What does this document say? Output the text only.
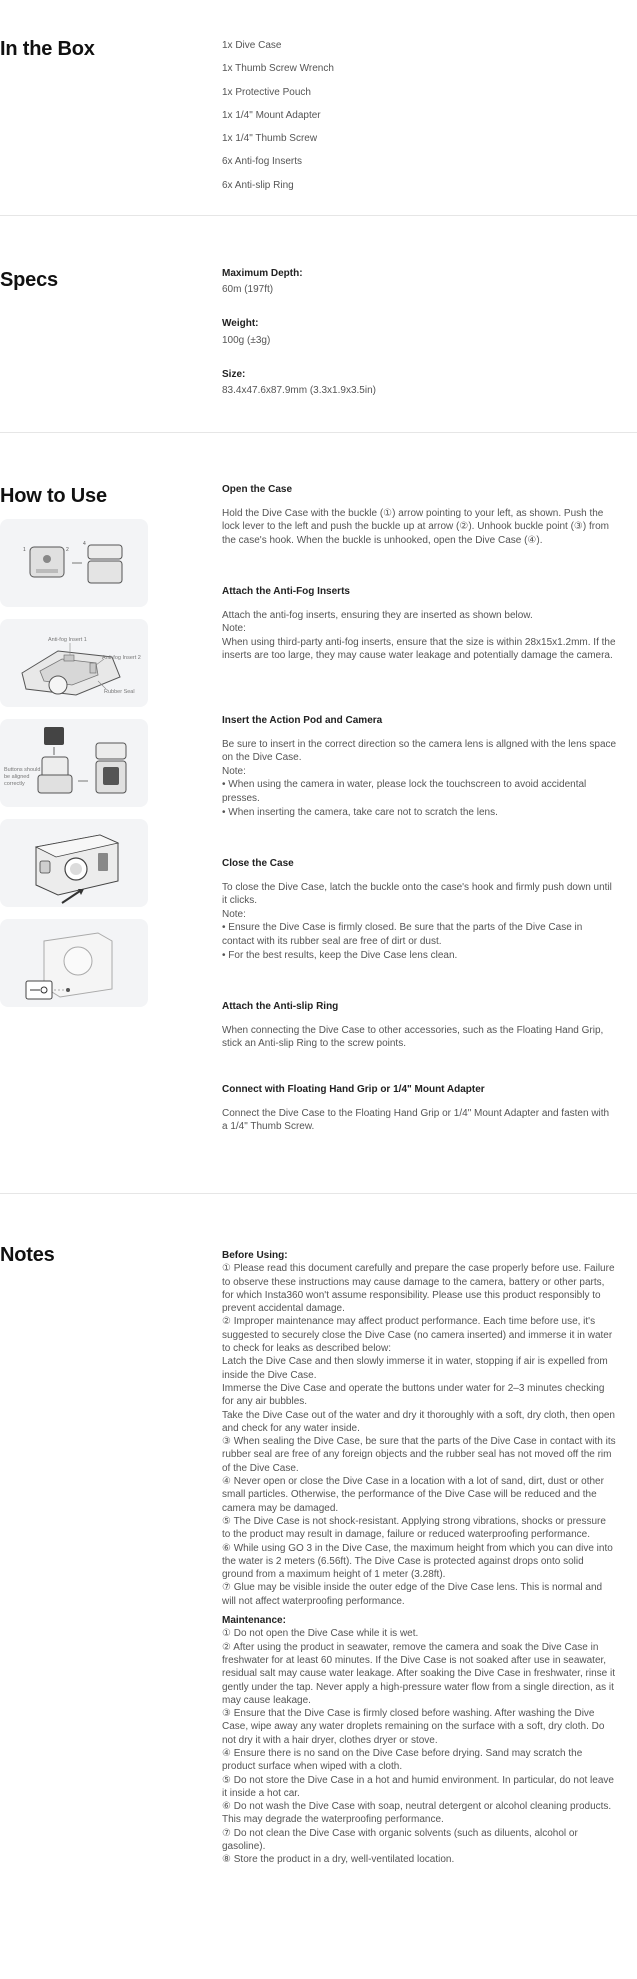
In the Box	1x Dive Case
1x Thumb Screw Wrench
1x Protective Pouch
1x 1/4" Mount Adapter
1x 1/4" Thumb Screw
6x Anti-fog Inserts
6x Anti-slip Ring
Specs	Maximum Depth:
60m (197ft)
Weight:
100g (±3g)
Size:
83.4x47.6x87.9mm (3.3x1.9x3.5in)
How to Use
1	2
4
Anti-fog Insert 1
Anti-fog Insert 2
Rubber Seal
Buttons should be aligned correctly
Open the Case

Hold the Dive Case with the buckle (①) arrow pointing to your left, as shown. Push the lock lever to the left and push the buckle up at arrow (②). Unhook buckle point (③) from the case's hook. When the buckle is unhooked, open the Dive Case (④).

Attach the Anti-Fog Inserts

Attach the anti-fog inserts, ensuring they are inserted as shown below.

Note:

When using third-party anti-fog inserts, ensure that the size is within 28x15x1.2mm. If the inserts are too large, they may cause water leakage and potentially damage the camera.

Insert the Action Pod and Camera

Be sure to insert in the correct direction so the camera lens is allgned with the lens space on the Dive Case.

Note:

• When using the camera in water, please lock the touchscreen to avoid accidental presses.

• When inserting the camera, take care not to scratch the lens.

Close the Case

To close the Dive Case, latch the buckle onto the case's hook and firmly push down until it clicks.

Note:

• Ensure the Dive Case is firmly closed. Be sure that the parts of the Dive Case in contact with its rubber seal are free of dirt or dust.

• For the best results, keep the Dive Case lens clean.

Attach the Anti-slip Ring

When connecting the Dive Case to other accessories, such as the Floating Hand Grip, stick an Anti-slip Ring to the screw points.

Connect with Floating Hand Grip or 1/4" Mount Adapter

Connect the Dive Case to the Floating Hand Grip or 1/4" Mount Adapter and fasten with a 1/4" Thumb Screw.

Notes	Before Using:

① Please read this document carefully and prepare the case properly before use. Failure to observe these instructions may cause damage to the camera, battery or other parts, for which Insta360 won't assume responsibility. Please use this product responsibly to prevent accidental damage.

② Improper maintenance may affect product performance. Each time before use, it's suggested to securely close the Dive Case (no camera inserted) and immerse it in water to check for leaks as described below:

Latch the Dive Case and then slowly immerse it in water, stopping if air is expelled from inside the Dive Case.

Immerse the Dive Case and operate the buttons under water for 2–3 minutes checking for any air bubbles.

Take the Dive Case out of the water and dry it thoroughly with a soft, dry cloth, then open and check for any water inside.

③ When sealing the Dive Case, be sure that the parts of the Dive Case in contact with its rubber seal are free of any foreign objects and the rubber seal has not moved off the rim of the Dive Case.

④ Never open or close the Dive Case in a location with a lot of sand, dirt, dust or other small particles. Otherwise, the performance of the Dive Case will be reduced and the camera may be damaged.

⑤ The Dive Case is not shock-resistant. Applying strong vibrations, shocks or pressure to the product may result in damage, failure or reduced waterproofing performance.

⑥ While using GO 3 in the Dive Case, the maximum height from which you can dive into the water is 2 meters (6.56ft). The Dive Case is protected against drops onto solid ground from a maximum height of 1 meter (3.28ft).

⑦ Glue may be visible inside the outer edge of the Dive Case lens. This is normal and will not affect waterproofing performance.

Maintenance:

① Do not open the Dive Case while it is wet.

② After using the product in seawater, remove the camera and soak the Dive Case in freshwater for at least 60 minutes. If the Dive Case is not soaked after use in seawater, residual salt may cause water leakage. After soaking the Dive Case in freshwater, rinse it gently under the tap. Never apply a high-pressure water flow from a single direction, as it may cause leakage.

③ Ensure that the Dive Case is firmly closed before washing. After washing the Dive Case, wipe away any water droplets remaining on the surface with a soft, dry cloth. Do not dry it with a hair dryer, clothes dryer or stove.

④ Ensure there is no sand on the Dive Case before drying. Sand may scratch the product surface when wiped with a cloth.

⑤ Do not store the Dive Case in a hot and humid environment. In particular, do not leave it inside a hot car.

⑥ Do not wash the Dive Case with soap, neutral detergent or alcohol cleaning products. This may degrade the waterproofing performance.

⑦ Do not clean the Dive Case with organic solvents (such as diluents, alcohol or gasoline).

⑧ Store the product in a dry, well-ventilated location.
